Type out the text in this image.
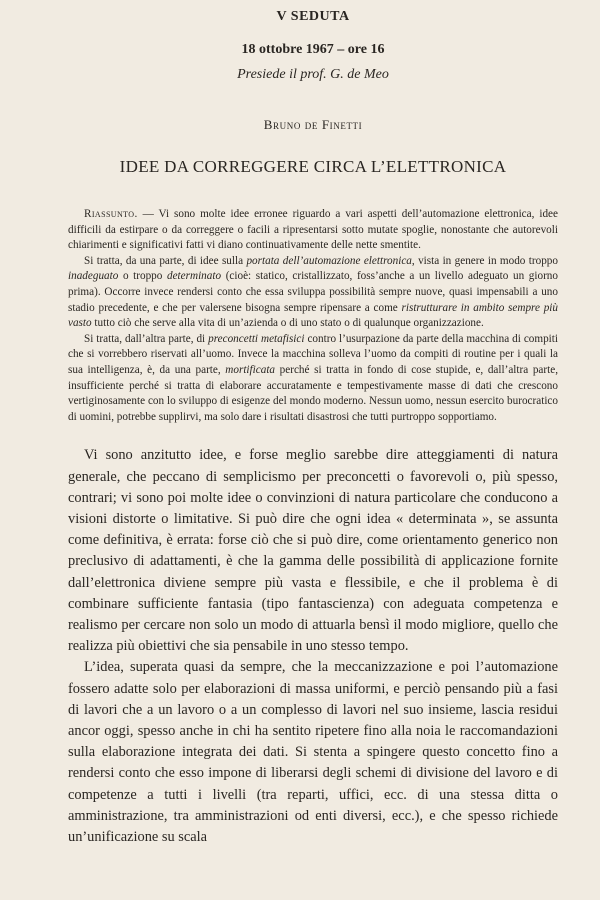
V SEDUTA
18 ottobre 1967 – ore 16
Presiede il prof. G. de Meo
Bruno de Finetti
IDEE DA CORREGGERE CIRCA L’ELETTRONICA

Riassunto. — Vi sono molte idee erronee riguardo a vari aspetti dell’automazione elettronica, idee difficili da estirpare o da correggere o facili a ripresentarsi sotto mutate spoglie, nonostante che autorevoli chiarimenti e significativi fatti vi diano continuativamente delle nette smentite.

Si tratta, da una parte, di idee sulla portata dell’automazione elettronica, vista in genere in modo troppo inadeguato o troppo determinato (cioè: statico, cristallizzato, foss’anche a un livello adeguato un giorno prima). Occorre invece rendersi conto che essa sviluppa possibilità sempre nuove, quasi impensabili a uno stadio precedente, e che per valersene bisogna sempre ripensare a come ristrutturare in ambito sempre più vasto tutto ciò che serve alla vita di un’azienda o di uno stato o di qualunque organizzazione.

Si tratta, dall’altra parte, di preconcetti metafisici contro l’usurpazione da parte della macchina di compiti che si vorrebbero riservati all’uomo. Invece la macchina solleva l’uomo da compiti di routine per i quali la sua intelligenza, è, da una parte, mortificata perché si tratta in fondo di cose stupide, e, dall’altra parte, insufficiente perché si tratta di elaborare accuratamente e tempestivamente masse di dati che crescono vertiginosamente con lo sviluppo di esigenze del mondo moderno. Nessun uomo, nessun esercito burocratico di uomini, potrebbe supplirvi, ma solo dare i risultati disastrosi che tutti purtroppo sopportiamo.

Vi sono anzitutto idee, e forse meglio sarebbe dire atteggiamenti di natura generale, che peccano di semplicismo per preconcetti o favorevoli o, più spesso, contrari; vi sono poi molte idee o convinzioni di natura particolare che conducono a visioni distorte o limitative. Si può dire che ogni idea « determinata », se assunta come definitiva, è errata: forse ciò che si può dire, come orientamento generico non preclusivo di adattamenti, è che la gamma delle possibilità di applicazione fornite dall’elettronica diviene sempre più vasta e flessibile, e che il problema è di combinare sufficiente fantasia (tipo fantascienza) con adeguata competenza e realismo per cercare non solo un modo di attuarla bensì il modo migliore, quello che realizza più obiettivi che sia pensabile in uno stesso tempo.

L’idea, superata quasi da sempre, che la meccanizzazione e poi l’automazione fossero adatte solo per elaborazioni di massa uniformi, e perciò pensando più a fasi di lavori che a un lavoro o a un complesso di lavori nel suo insieme, lascia residui ancor oggi, spesso anche in chi ha sentito ripetere fino alla noia le raccomandazioni sulla elaborazione integrata dei dati. Si stenta a spingere questo concetto fino a rendersi conto che esso impone di liberarsi degli schemi di divisione del lavoro e di competenze a tutti i livelli (tra reparti, uffici, ecc. di una stessa ditta o amministrazione, tra amministrazioni od enti diversi, ecc.), e che spesso richiede un’unificazione su scala
